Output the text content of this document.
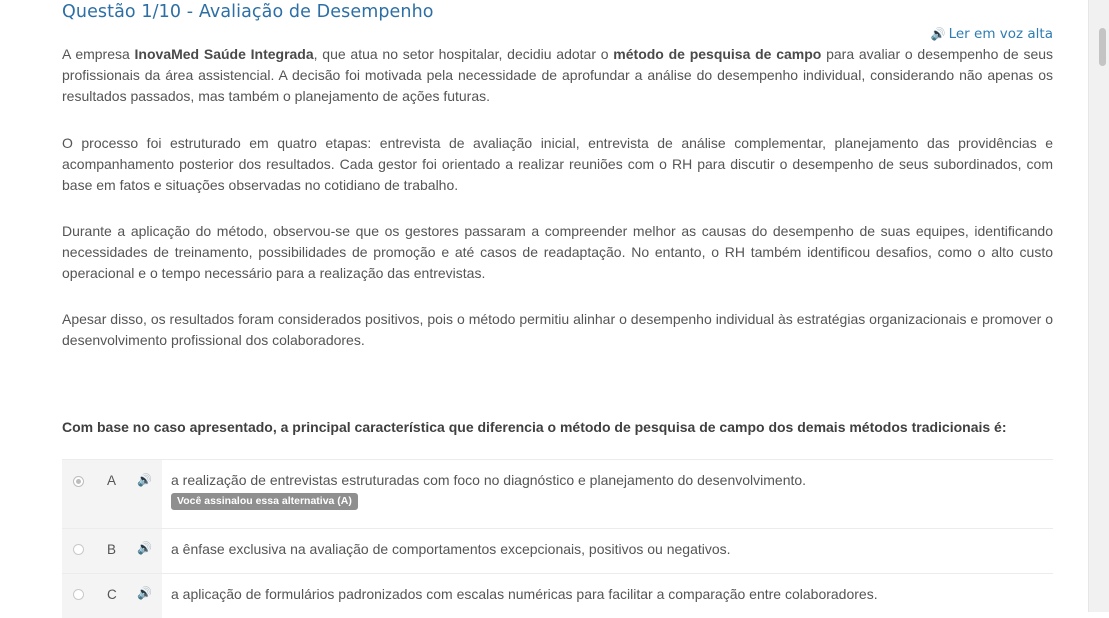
Questão 1/10 - Avaliação de Desempenho
🔊 Ler em voz alta
A empresa InovaMed Saúde Integrada, que atua no setor hospitalar, decidiu adotar o método de pesquisa de campo para avaliar o desempenho de seus profissionais da área assistencial. A decisão foi motivada pela necessidade de aprofundar a análise do desempenho individual, considerando não apenas os resultados passados, mas também o planejamento de ações futuras.
O processo foi estruturado em quatro etapas: entrevista de avaliação inicial, entrevista de análise complementar, planejamento das providências e acompanhamento posterior dos resultados. Cada gestor foi orientado a realizar reuniões com o RH para discutir o desempenho de seus subordinados, com base em fatos e situações observadas no cotidiano de trabalho.
Durante a aplicação do método, observou-se que os gestores passaram a compreender melhor as causas do desempenho de suas equipes, identificando necessidades de treinamento, possibilidades de promoção e até casos de readaptação. No entanto, o RH também identificou desafios, como o alto custo operacional e o tempo necessário para a realização das entrevistas.
Apesar disso, os resultados foram considerados positivos, pois o método permitiu alinhar o desempenho individual às estratégias organizacionais e promover o desenvolvimento profissional dos colaboradores.
Com base no caso apresentado, a principal característica que diferencia o método de pesquisa de campo dos demais métodos tradicionais é:
A 🔊 a realização de entrevistas estruturadas com foco no diagnóstico e planejamento do desenvolvimento.
Você assinalou essa alternativa (A)
B 🔊 a ênfase exclusiva na avaliação de comportamentos excepcionais, positivos ou negativos.
C 🔊 a aplicação de formulários padronizados com escalas numéricas para facilitar a comparação entre colaboradores.
